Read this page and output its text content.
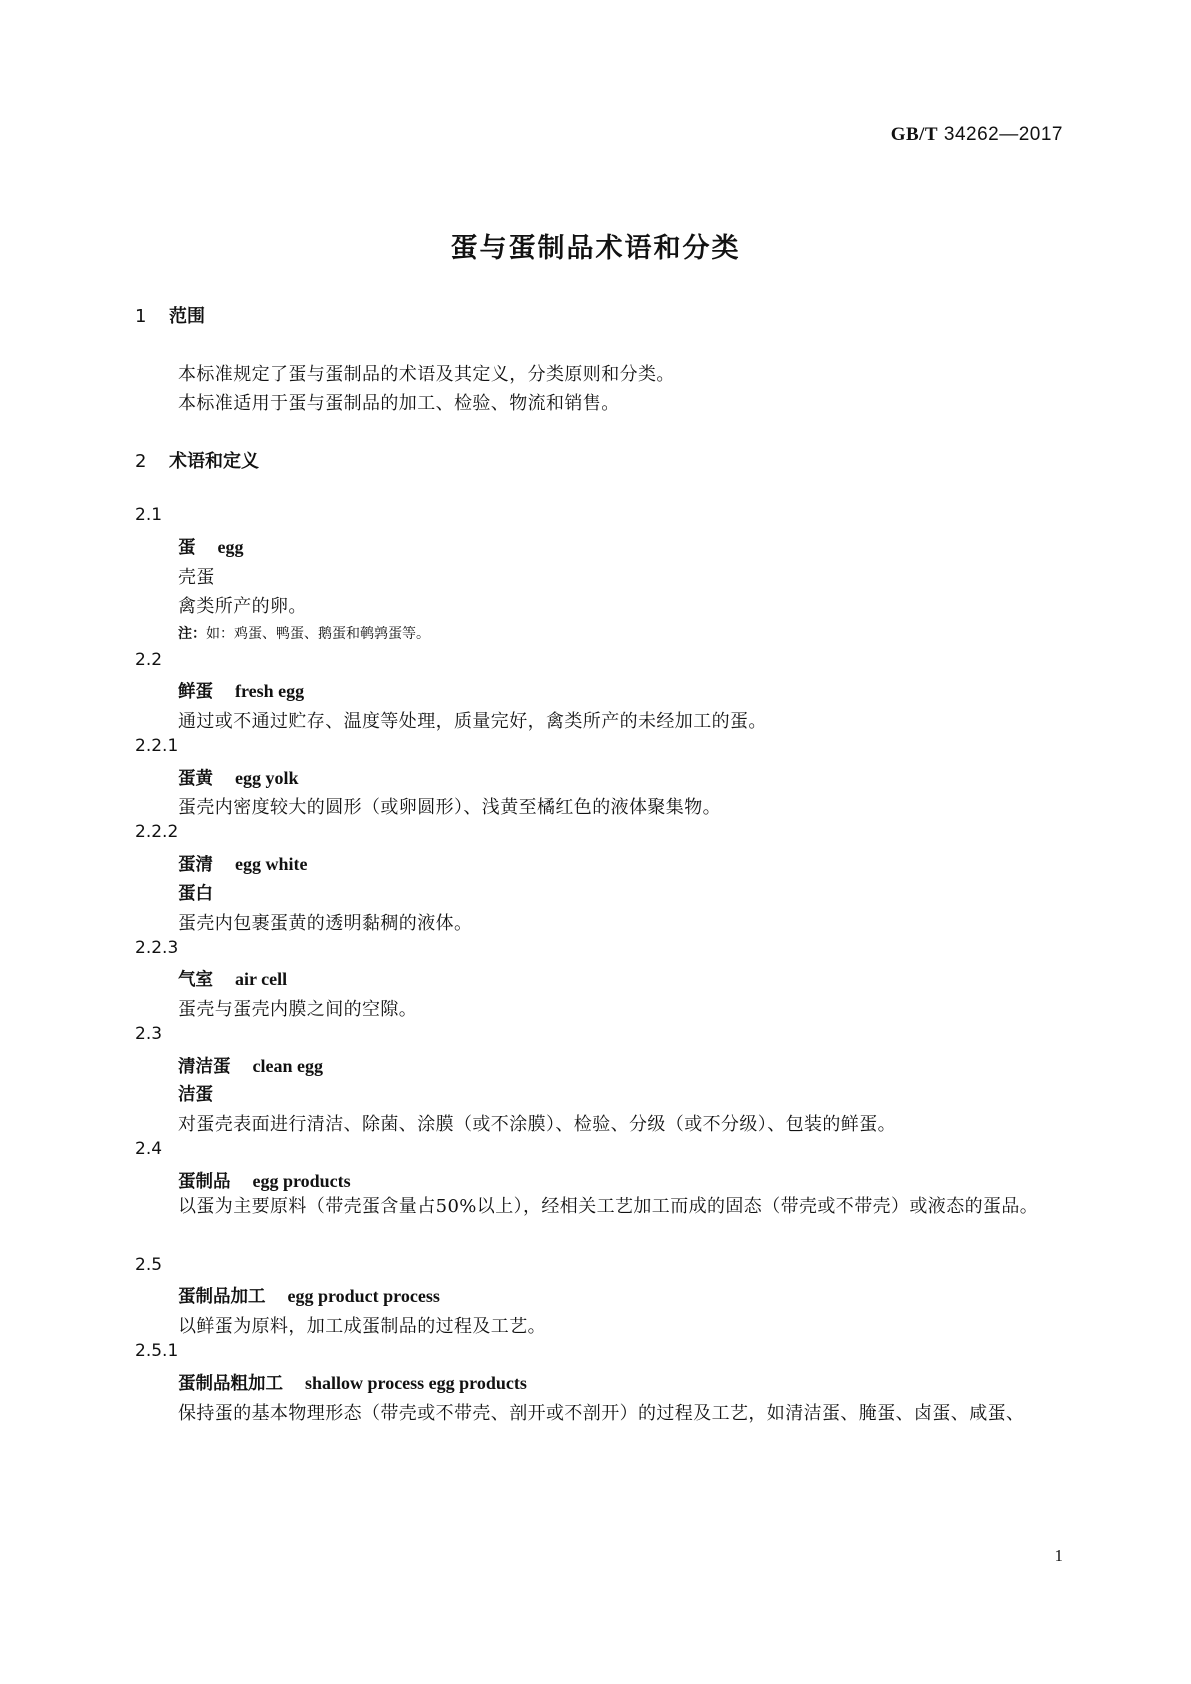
GB/T 34262—2017
蛋与蛋制品术语和分类
1 范围
本标准规定了蛋与蛋制品的术语及其定义，分类原则和分类。
本标准适用于蛋与蛋制品的加工、检验、物流和销售。
2 术语和定义
2.1
蛋 egg
壳蛋
禽类所产的卵。
注：如：鸡蛋、鸭蛋、鹅蛋和鹌鹑蛋等。
2.2
鲜蛋 fresh egg
通过或不通过贮存、温度等处理，质量完好，禽类所产的未经加工的蛋。
2.2.1
蛋黄 egg yolk
蛋壳内密度较大的圆形（或卵圆形）、浅黄至橘红色的液体聚集物。
2.2.2
蛋清 egg white
蛋白
蛋壳内包裹蛋黄的透明黏稠的液体。
2.2.3
气室 air cell
蛋壳与蛋壳内膜之间的空隙。
2.3
清洁蛋 clean egg
洁蛋
对蛋壳表面进行清洁、除菌、涂膜（或不涂膜）、检验、分级（或不分级）、包装的鲜蛋。
2.4
蛋制品 egg products
以蛋为主要原料（带壳蛋含量占50%以上），经相关工艺加工而成的固态（带壳或不带壳）或液态的蛋品。
2.5
蛋制品加工 egg product process
以鲜蛋为原料，加工成蛋制品的过程及工艺。
2.5.1
蛋制品粗加工 shallow process egg products
保持蛋的基本物理形态（带壳或不带壳、剖开或不剖开）的过程及工艺，如清洁蛋、腌蛋、卤蛋、咸蛋、
1
